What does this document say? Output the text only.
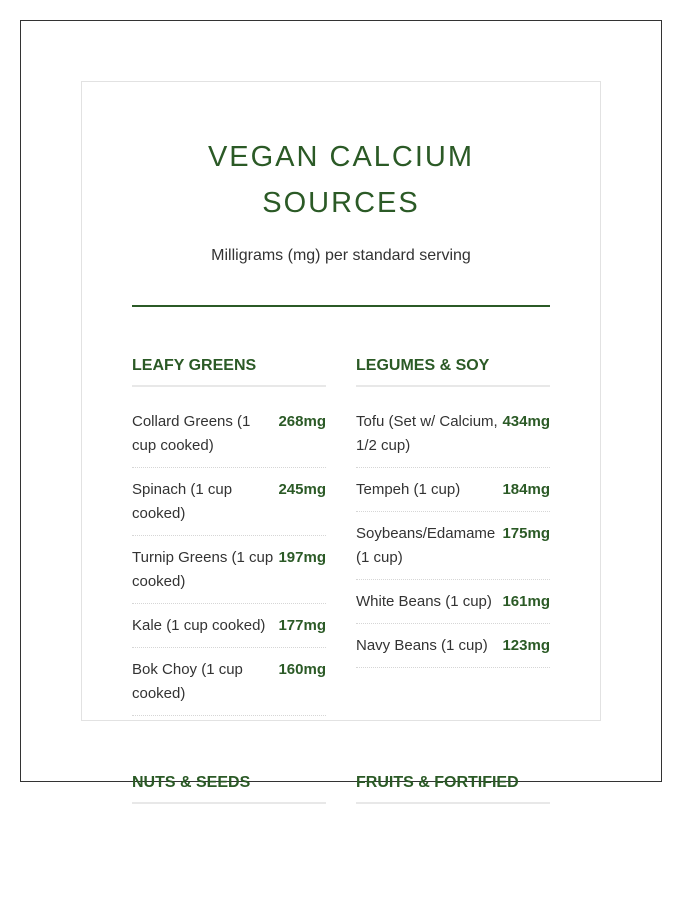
VEGAN CALCIUM
SOURCES

Milligrams (mg) per standard serving

LEAFY GREENS
Collard Greens (1 cup cooked)
268mg
Spinach (1 cup cooked)
245mg
Turnip Greens (1 cup cooked)
197mg
Kale (1 cup cooked) 177mg
Bok Choy (1 cup cooked)
160mg
LEGUMES & SOY
Tofu (Set w/ Calcium, 1/2 cup)
434mg
Tempeh (1 cup)	184mg
Soybeans/Edamame (1 cup)
175mg
White Beans (1 cup) 161mg
Navy Beans (1 cup) 123mg
NUTS & SEEDS	FRUITS & FORTIFIED
